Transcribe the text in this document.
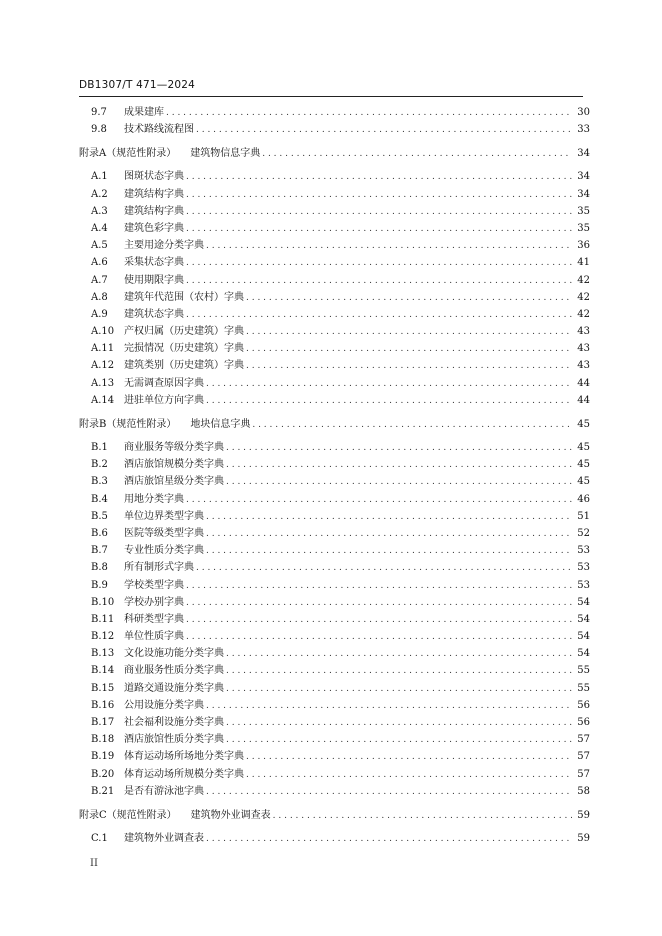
DB1307/T 471—2024
9.7	成果建库 . . .	30
9.8	技术路线流程图 . . .	33
附录A（规范性附录）	建筑物信息字典 . . .	34
A.1	图斑状态字典 . . .	34
A.2	建筑结构字典 . . .	34
A.3	建筑结构字典 . . .	35
A.4	建筑色彩字典 . . .	35
A.5	主要用途分类字典 . . .	36
A.6	采集状态字典 . . .	41
A.7	使用期限字典 . . .	42
A.8	建筑年代范围（农村）字典 . . .	42
A.9	建筑状态字典 . . .	42
A.10 产权归属（历史建筑）字典 . . .	43
A.11 完损情况（历史建筑）字典 . . .	43
A.12 建筑类别（历史建筑）字典 . . .	43
A.13 无需调查原因字典 . . .	44
A.14 进驻单位方向字典 . . .	44
附录B（规范性附录）	地块信息字典 . . .	45
B.1	商业服务等级分类字典 . . .	45
B.2	酒店旅馆规模分类字典 . . .	45
B.3	酒店旅馆星级分类字典 . . .	45
B.4	用地分类字典 . . .	46
B.5	单位边界类型字典 . . .	51
B.6	医院等级类型字典 . . .	52
B.7	专业性质分类字典 . . .	53
B.8	所有制形式字典 . . .	53
B.9	学校类型字典 . . .	53
B.10 学校办别字典 . . .	54
B.11 科研类型字典 . . .	54
B.12 单位性质字典 . . .	54
B.13 文化设施功能分类字典 . . .	54
B.14 商业服务性质分类字典 . . .	55
B.15 道路交通设施分类字典 . . .	55
B.16 公用设施分类字典 . . .	56
B.17 社会福利设施分类字典 . . .	56
B.18 酒店旅馆性质分类字典 . . .	57
B.19 体育运动场所场地分类字典 . . .	57
B.20 体育运动场所规模分类字典 . . .	57
B.21 是否有游泳池字典 . . .	58
附录C（规范性附录）	建筑物外业调查表 . . .	59
C.1	建筑物外业调查表 . . .	59
II
